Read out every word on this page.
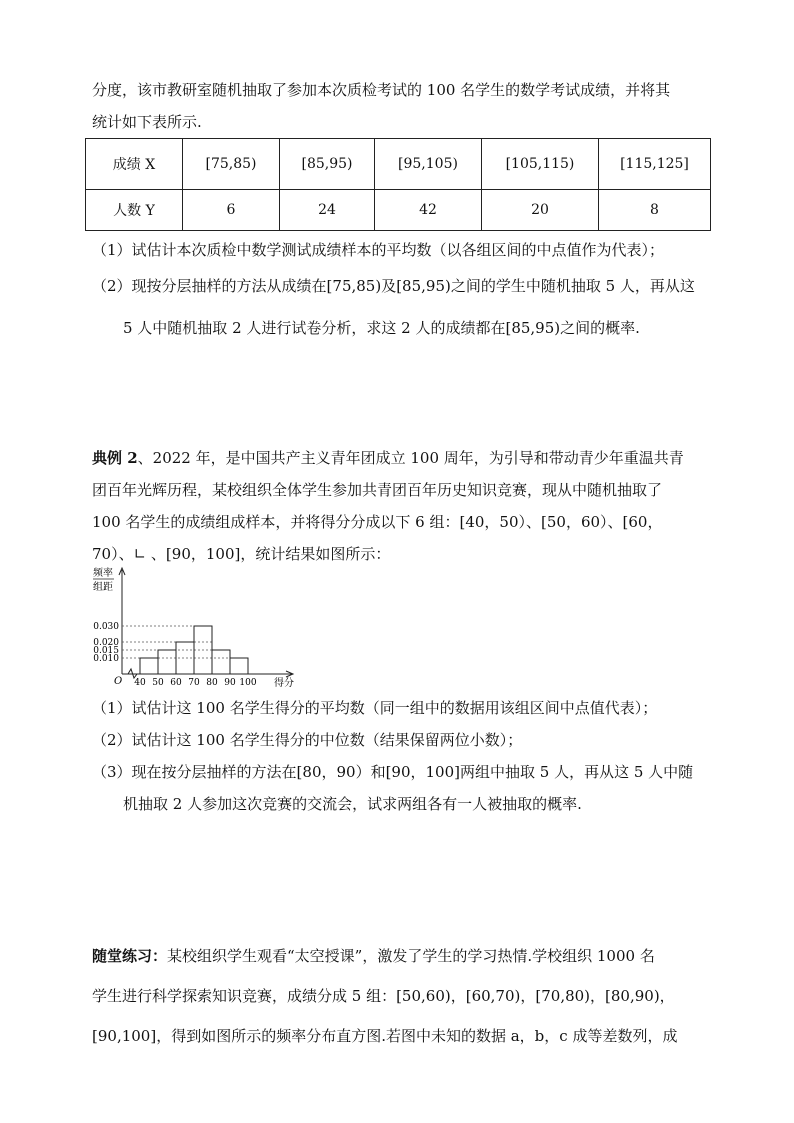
分度，该市教研室随机抽取了参加本次质检考试的 100 名学生的数学考试成绩，并将其
统计如下表所示.
成绩 X	[75,85)	[85,95)	[95,105)	[105,115)	[115,125]
人数 Y	6	24	42	20	8
（1）试估计本次质检中数学测试成绩样本的平均数（以各组区间的中点值作为代表）；
（2）现按分层抽样的方法从成绩在[75,85)及[85,95)之间的学生中随机抽取 5 人，再从这
5 人中随机抽取 2 人进行试卷分析，求这 2 人的成绩都在[85,95)之间的概率.
典例 2、2022 年，是中国共产主义青年团成立 100 周年，为引导和带动青少年重温共青
团百年光辉历程，某校组织全体学生参加共青团百年历史知识竞赛，现从中随机抽取了
100 名学生的成绩组成样本，并将得分分成以下 6 组：[40，50）、[50，60）、[60，
70）、∟ 、[90，100]，统计结果如图所示：
频率
组距
0.030
0.020
0.015
0.010
40 50 60 70 80 90 100
O	得分
（1）试估计这 100 名学生得分的平均数（同一组中的数据用该组区间中点值代表）；
（2）试估计这 100 名学生得分的中位数（结果保留两位小数）；
（3）现在按分层抽样的方法在[80，90）和[90，100]两组中抽取 5 人，再从这 5 人中随
机抽取 2 人参加这次竞赛的交流会，试求两组各有一人被抽取的概率.
随堂练习：某校组织学生观看“太空授课”，激发了学生的学习热情.学校组织 1000 名
学生进行科学探索知识竞赛，成绩分成 5 组：[50,60)，[60,70)，[70,80)，[80,90)，
[90,100]，得到如图所示的频率分布直方图.若图中未知的数据 a，b，c 成等差数列，成
